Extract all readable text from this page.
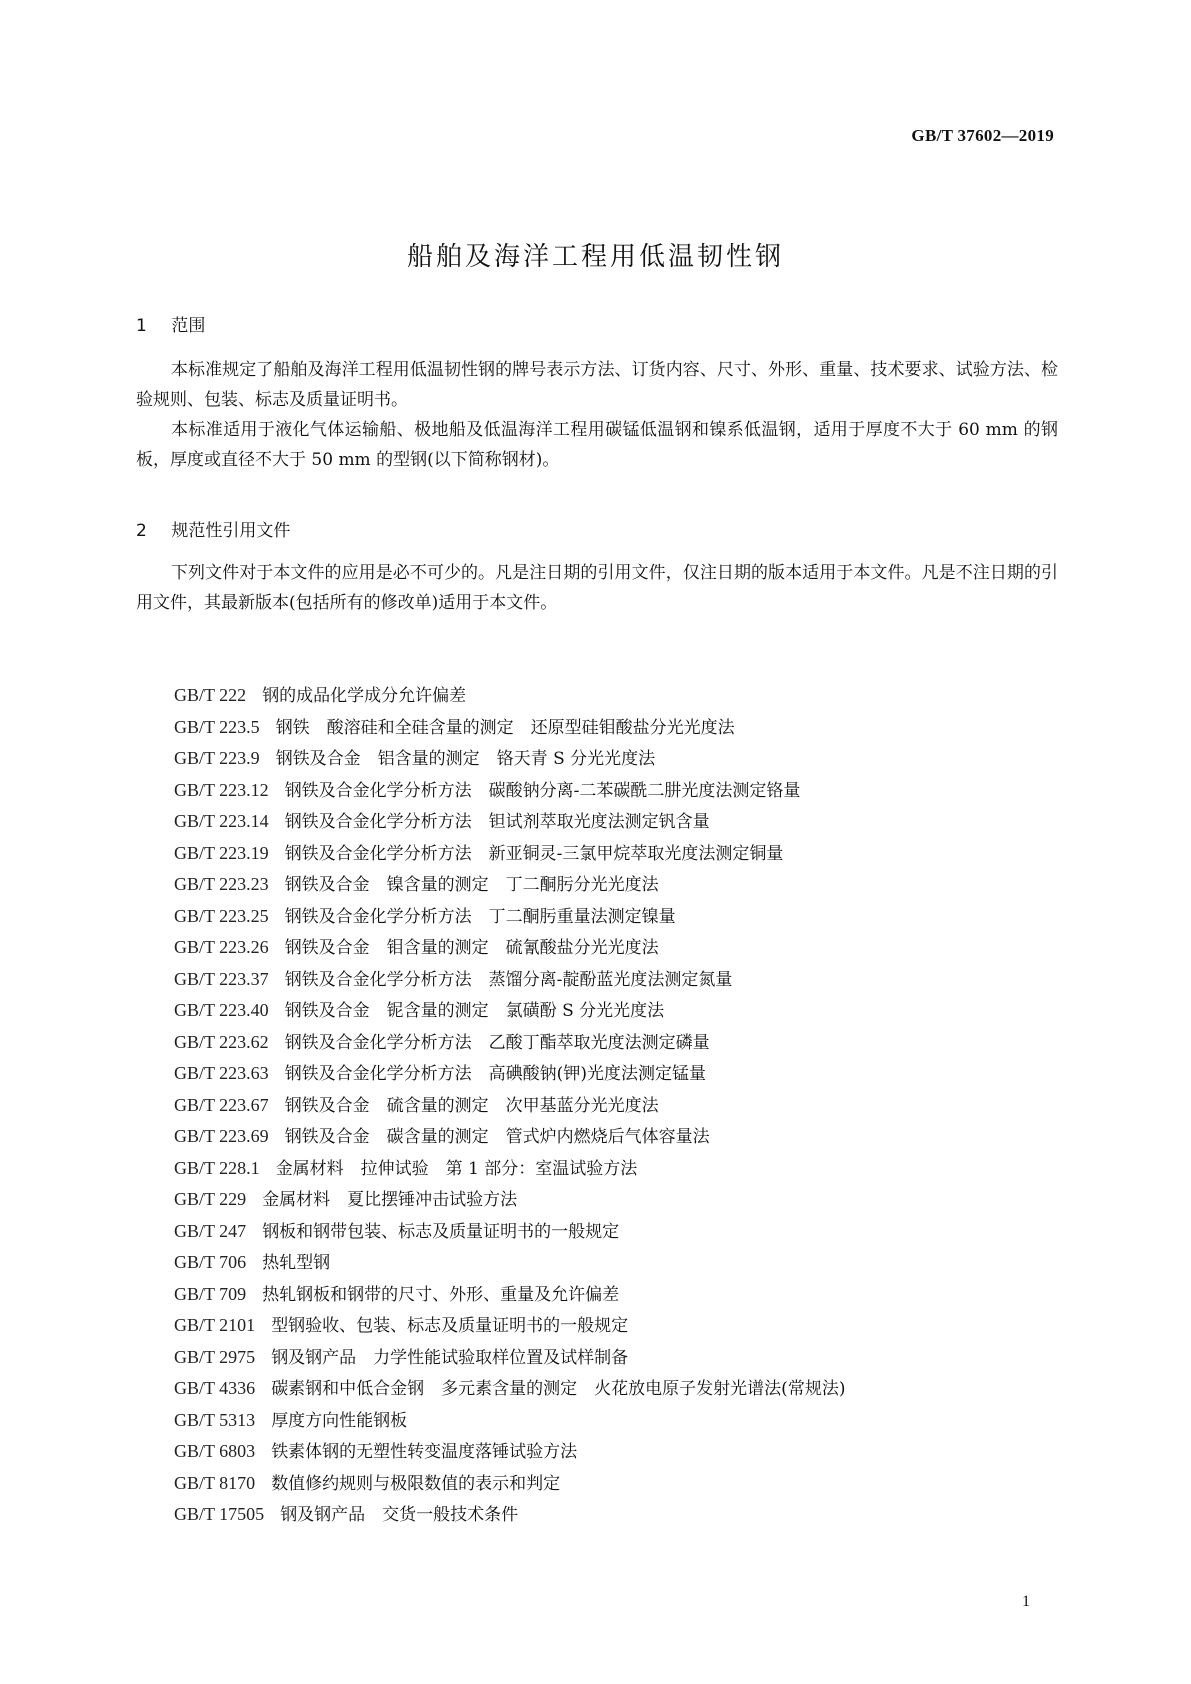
GB/T 37602—2019
船舶及海洋工程用低温韧性钢
1 范围

本标准规定了船舶及海洋工程用低温韧性钢的牌号表示方法、订货内容、尺寸、外形、重量、技术要求、试验方法、检验规则、包装、标志及质量证明书。

本标准适用于液化气体运输船、极地船及低温海洋工程用碳锰低温钢和镍系低温钢，适用于厚度不大于 60 mm 的钢板，厚度或直径不大于 50 mm 的型钢(以下简称钢材)。

2 规范性引用文件

下列文件对于本文件的应用是必不可少的。凡是注日期的引用文件，仅注日期的版本适用于本文件。凡是不注日期的引用文件，其最新版本(包括所有的修改单)适用于本文件。

GB/T 222 钢的成品化学成分允许偏差
GB/T 223.5 钢铁　酸溶硅和全硅含量的测定　还原型硅钼酸盐分光光度法
GB/T 223.9 钢铁及合金　铝含量的测定　铬天青 S 分光光度法
GB/T 223.12 钢铁及合金化学分析方法　碳酸钠分离-二苯碳酰二肼光度法测定铬量
GB/T 223.14 钢铁及合金化学分析方法　钽试剂萃取光度法测定钒含量
GB/T 223.19 钢铁及合金化学分析方法　新亚铜灵-三氯甲烷萃取光度法测定铜量
GB/T 223.23 钢铁及合金　镍含量的测定　丁二酮肟分光光度法
GB/T 223.25 钢铁及合金化学分析方法　丁二酮肟重量法测定镍量
GB/T 223.26 钢铁及合金　钼含量的测定　硫氰酸盐分光光度法
GB/T 223.37 钢铁及合金化学分析方法　蒸馏分离-靛酚蓝光度法测定氮量
GB/T 223.40 钢铁及合金　铌含量的测定　氯磺酚 S 分光光度法
GB/T 223.62 钢铁及合金化学分析方法　乙酸丁酯萃取光度法测定磷量
GB/T 223.63 钢铁及合金化学分析方法　高碘酸钠(钾)光度法测定锰量
GB/T 223.67 钢铁及合金　硫含量的测定　次甲基蓝分光光度法
GB/T 223.69 钢铁及合金　碳含量的测定　管式炉内燃烧后气体容量法
GB/T 228.1 金属材料　拉伸试验　第 1 部分：室温试验方法
GB/T 229 金属材料　夏比摆锤冲击试验方法
GB/T 247 钢板和钢带包装、标志及质量证明书的一般规定
GB/T 706 热轧型钢
GB/T 709 热轧钢板和钢带的尺寸、外形、重量及允许偏差
GB/T 2101 型钢验收、包装、标志及质量证明书的一般规定
GB/T 2975 钢及钢产品　力学性能试验取样位置及试样制备
GB/T 4336 碳素钢和中低合金钢　多元素含量的测定　火花放电原子发射光谱法(常规法)
GB/T 5313 厚度方向性能钢板
GB/T 6803 铁素体钢的无塑性转变温度落锤试验方法
GB/T 8170 数值修约规则与极限数值的表示和判定
GB/T 17505 钢及钢产品　交货一般技术条件
1
